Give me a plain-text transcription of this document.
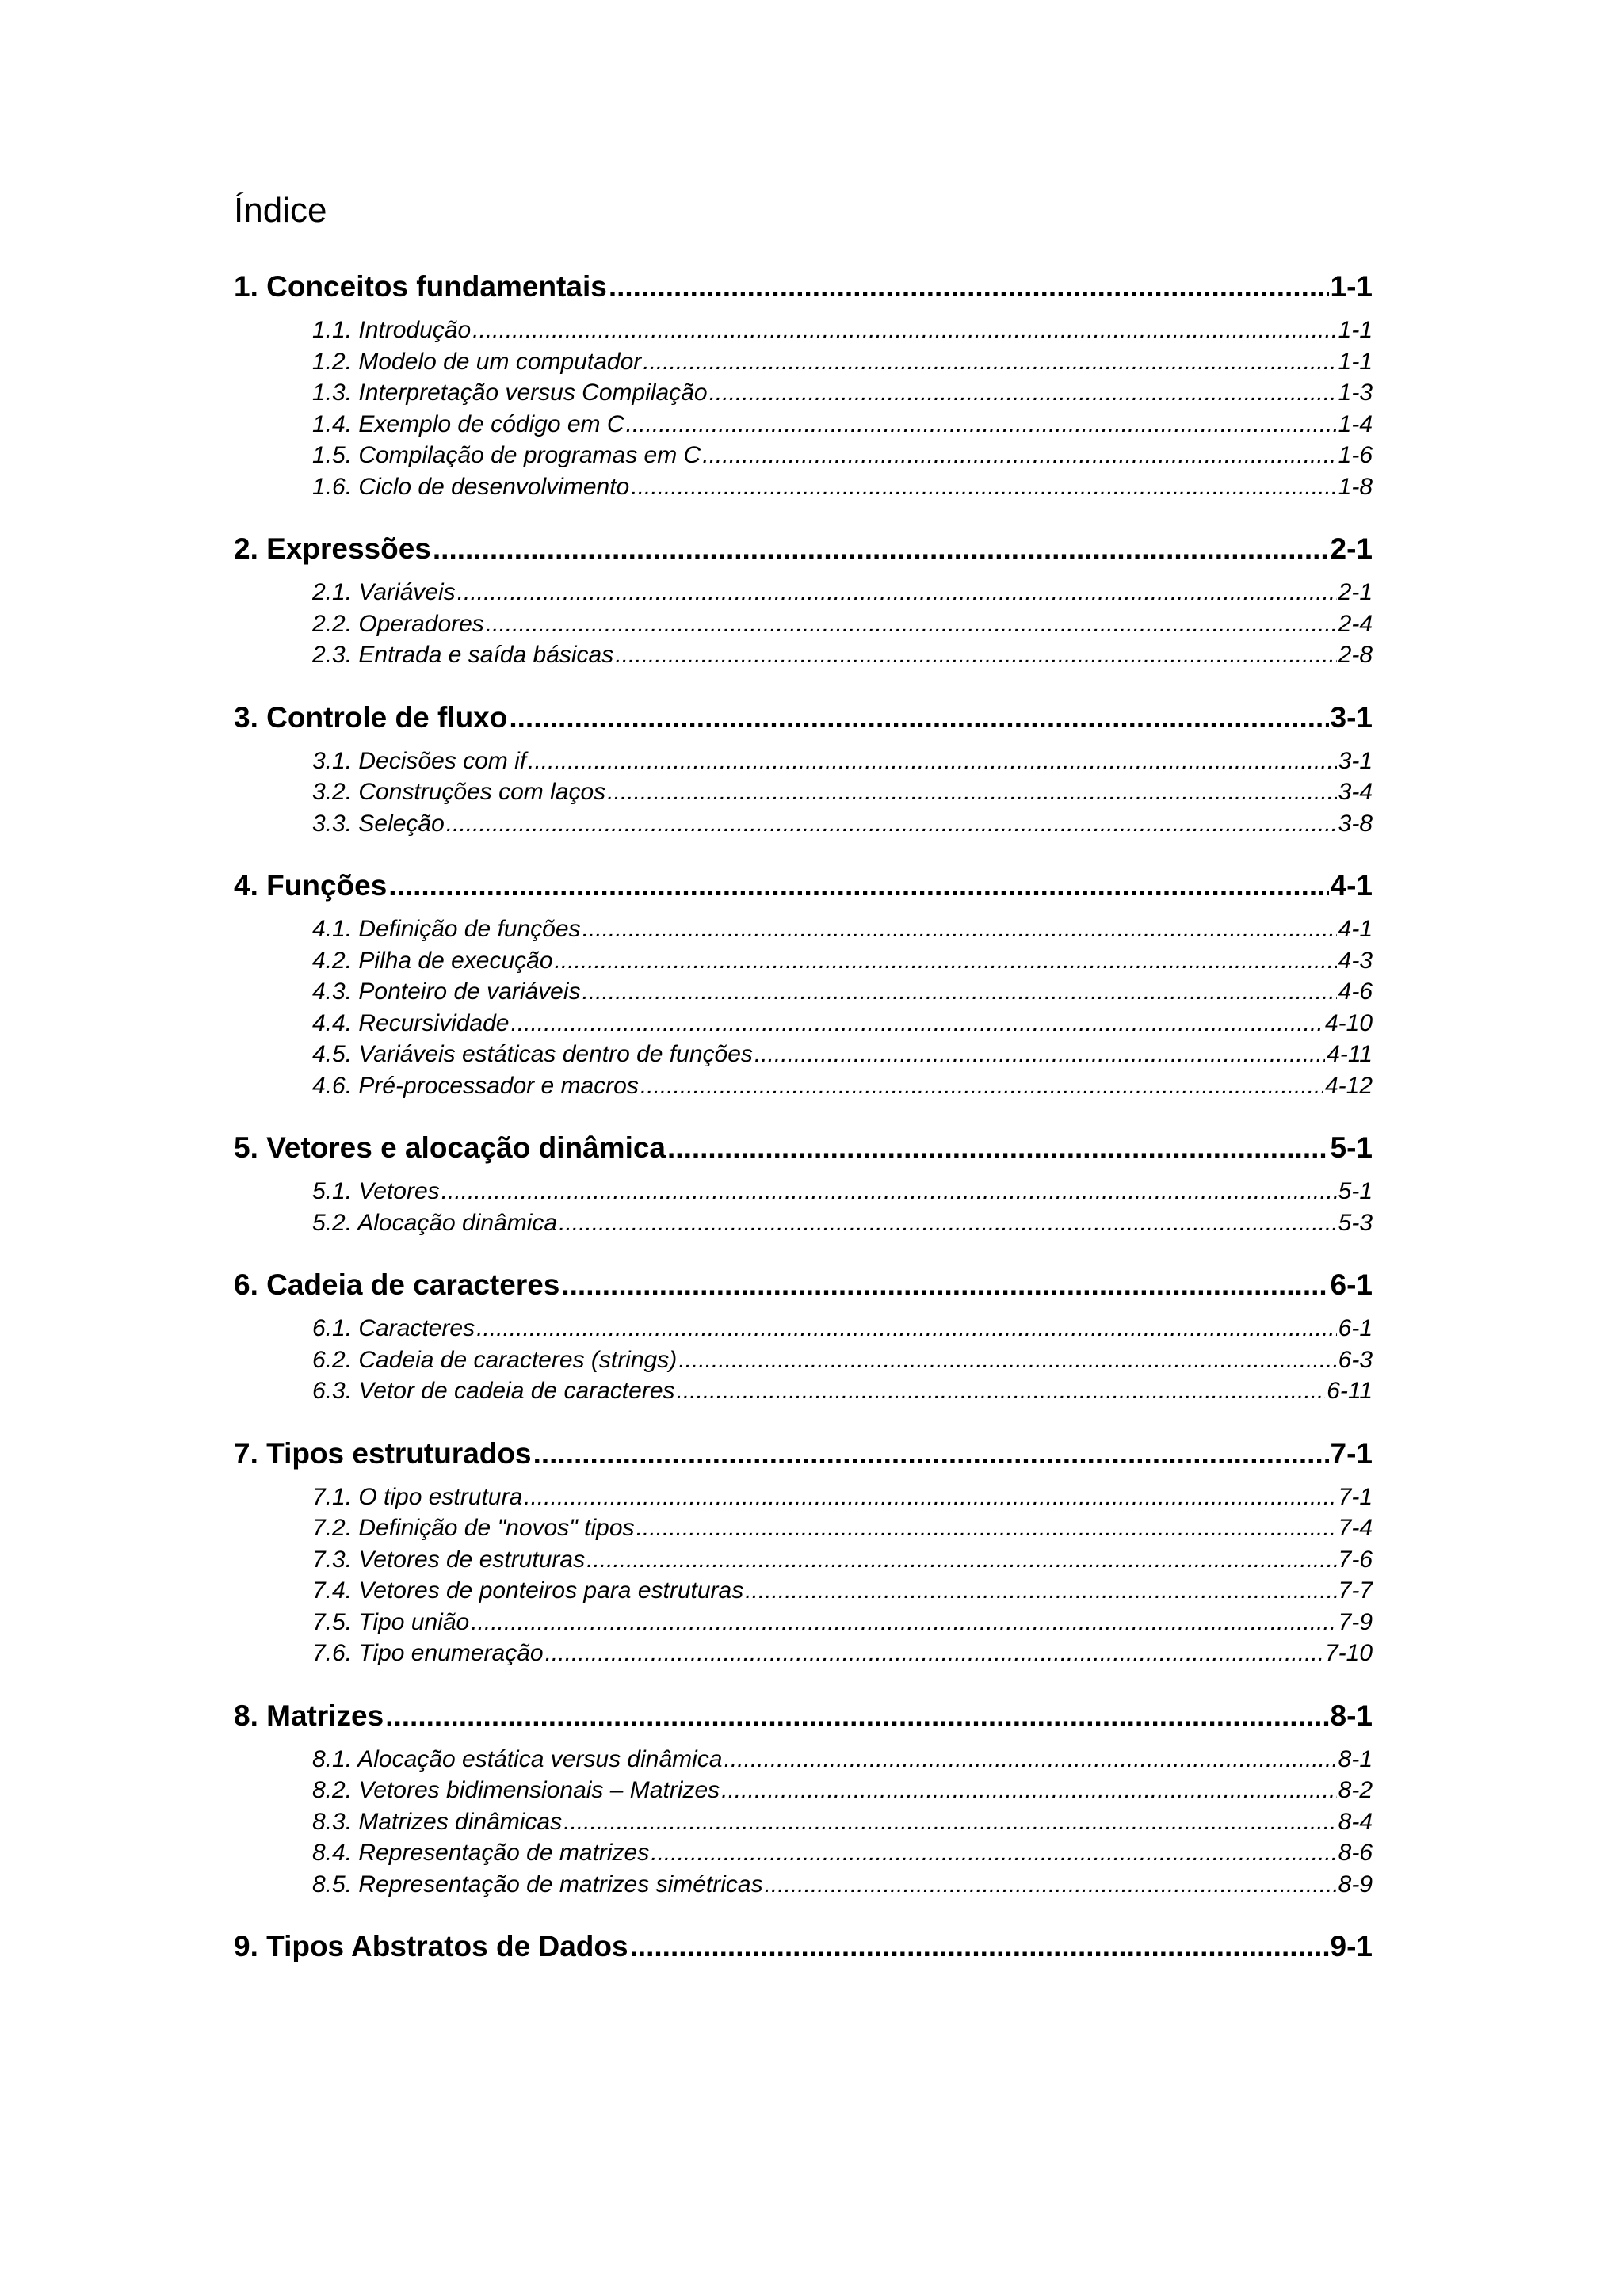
Índice
1. Conceitos fundamentais .....	1-1
1.1. Introdução .....	1-1
1.2. Modelo de um computador .....	1-1
1.3. Interpretação versus Compilação .....	1-3
1.4. Exemplo de código em C .....	1-4
1.5. Compilação de programas em C .....	1-6
1.6. Ciclo de desenvolvimento .....	1-8
2. Expressões .....	2-1
2.1. Variáveis .....	2-1
2.2. Operadores .....	2-4
2.3. Entrada e saída básicas .....	2-8
3. Controle de fluxo .....	3-1
3.1. Decisões com if .....	3-1
3.2. Construções com laços .....	3-4
3.3. Seleção .....	3-8
4. Funções .....	4-1
4.1. Definição de funções .....	4-1
4.2. Pilha de execução .....	4-3
4.3. Ponteiro de variáveis .....	4-6
4.4. Recursividade .....	4-10
4.5. Variáveis estáticas dentro de funções .....	4-11
4.6. Pré-processador e macros .....	4-12
5. Vetores e alocação dinâmica .....	5-1
5.1. Vetores .....	5-1
5.2. Alocação dinâmica .....	5-3
6. Cadeia de caracteres .....	6-1
6.1. Caracteres .....	6-1
6.2. Cadeia de caracteres (strings) .....	6-3
6.3. Vetor de cadeia de caracteres .....	6-11
7. Tipos estruturados .....	7-1
7.1. O tipo estrutura .....	7-1
7.2. Definição de "novos" tipos .....	7-4
7.3. Vetores de estruturas .....	7-6
7.4. Vetores de ponteiros para estruturas .....	7-7
7.5. Tipo união .....	7-9
7.6. Tipo enumeração .....	7-10
8. Matrizes .....	8-1
8.1. Alocação estática versus dinâmica .....	8-1
8.2. Vetores bidimensionais – Matrizes .....	8-2
8.3. Matrizes dinâmicas .....	8-4
8.4. Representação de matrizes .....	8-6
8.5. Representação de matrizes simétricas .....	8-9
9. Tipos Abstratos de Dados .....	9-1
